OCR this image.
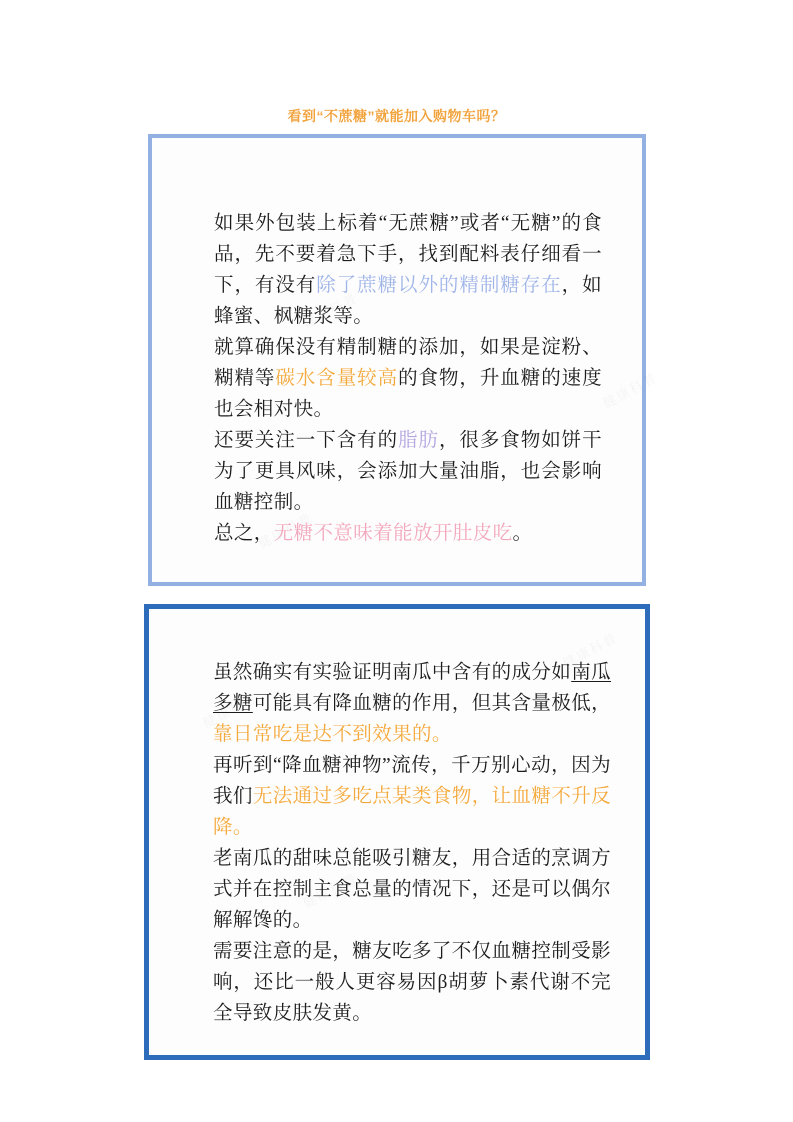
看到“不蔗糖”就能加入购物车吗？
如果外包装上标着“无蔗糖”或者“无糖”的食品，先不要着急下手，找到配料表仔细看一下，有没有除了蔗糖以外的精制糖存在，如蜂蜜、枫糖浆等。
就算确保没有精制糖的添加，如果是淀粉、糊精等碳水含量较高的食物，升血糖的速度也会相对快。
还要关注一下含有的脂肪，很多食物如饼干为了更具风味，会添加大量油脂，也会影响血糖控制。
总之，无糖不意味着能放开肚皮吃。
虽然确实有实验证明南瓜中含有的成分如南瓜多糖可能具有降血糖的作用，但其含量极低，靠日常吃是达不到效果的。
再听到“降血糖神物”流传，千万别心动，因为我们无法通过多吃点某类食物，让血糖不升反降。
老南瓜的甜味总能吸引糖友，用合适的烹调方式并在控制主食总量的情况下，还是可以偶尔解解馋的。
需要注意的是，糖友吃多了不仅血糖控制受影响，还比一般人更容易因β胡萝卜素代谢不完全导致皮肤发黄。
